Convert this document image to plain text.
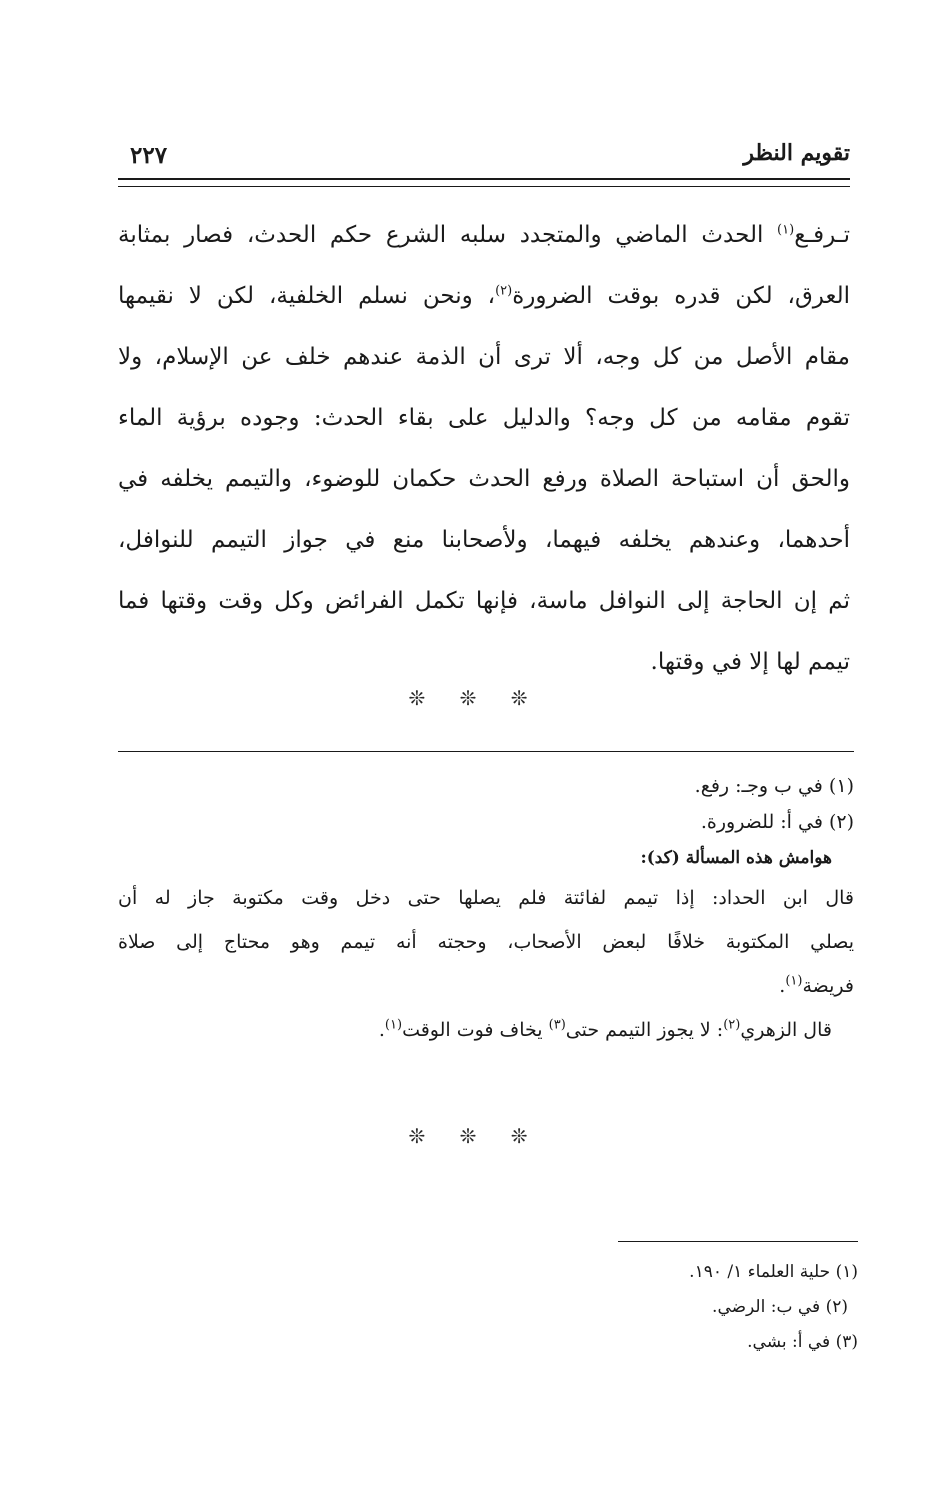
تقويم النظر
٢٢٧
تـرفـع$^{(١)}$ الحدث الماضي والمتجدد سلبه الشرع حكم الحدث، فصار بمثابة
العرق، لكن قدره بوقت الضرورة$^{(٢)}$، ونحن نسلم الخلفية، لكن لا نقيمها
مقام الأصل من كل وجه، ألا ترى أن الذمة عندهم خلف عن الإسلام، ولا
تقوم مقامه من كل وجه؟ والدليل على بقاء الحدث: وجوده برؤية الماء
والحق أن استباحة الصلاة ورفع الحدث حكمان للوضوء، والتيمم يخلفه في
أحدهما، وعندهم يخلفه فيهما، ولأصحابنا منع في جواز التيمم للنوافل،
ثم إن الحاجة إلى النوافل ماسة، فإنها تكمل الفرائض وكل وقت وقتها فما
تيمم لها إلا في وقتها.
❊ ❊ ❊
(١) في ب وجـ: رفع.
(٢) في أ: للضرورة.
هوامش هذه المسألة (كد):
قال ابن الحداد: إذا تيمم لفائتة فلم يصلها حتى دخل وقت مكتوبة جاز له أن
يصلي المكتوبة خلافًا لبعض الأصحاب، وحجته أنه تيمم وهو محتاج إلى صلاة
فريضة$^{(١)}$.
قال الزهري$^{(٢)}$: لا يجوز التيمم حتى$^{(٣)}$ يخاف فوت الوقت$^{(١)}$.
❊ ❊ ❊
(١) حلية العلماء ١/ ١٩٠.
(٢) في ب: الرضي.
(٣) في أ: بشي.
